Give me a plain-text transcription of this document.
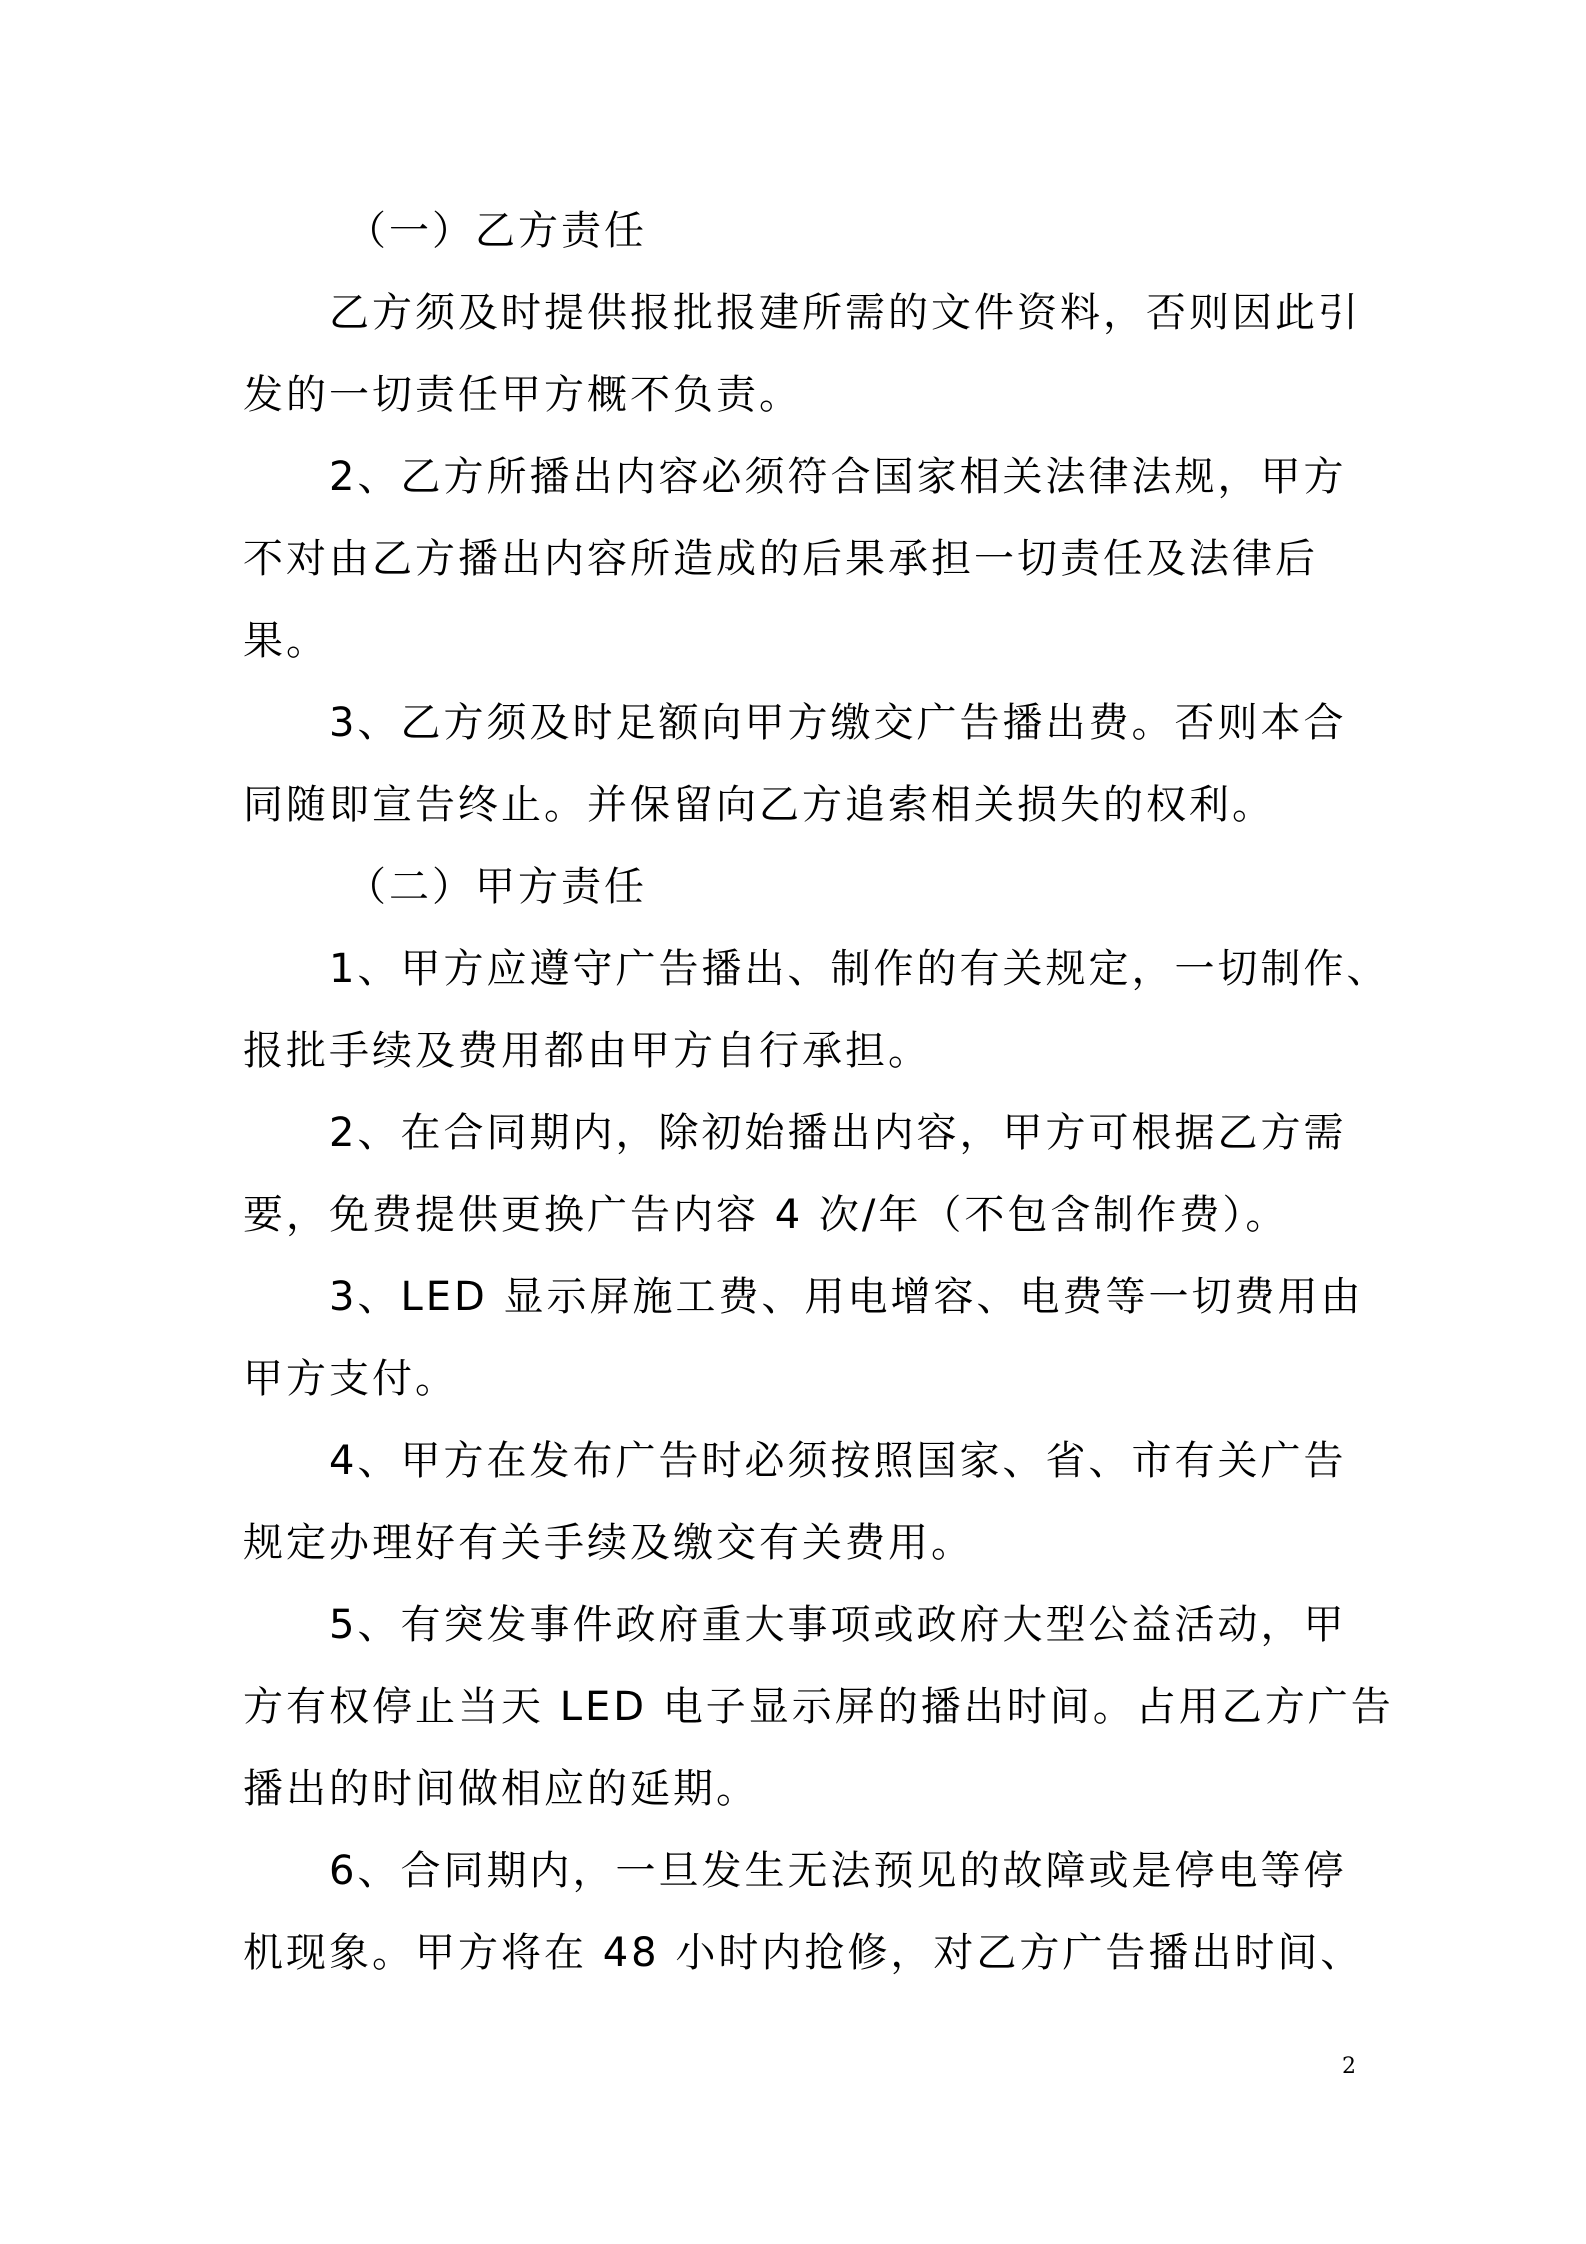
（一）乙方责任
乙方须及时提供报批报建所需的文件资料，否则因此引
发的一切责任甲方概不负责。
2、乙方所播出内容必须符合国家相关法律法规，甲方
不对由乙方播出内容所造成的后果承担一切责任及法律后
果。
3、乙方须及时足额向甲方缴交广告播出费。否则本合
同随即宣告终止。并保留向乙方追索相关损失的权利。
（二）甲方责任
1、甲方应遵守广告播出、制作的有关规定，一切制作、
报批手续及费用都由甲方自行承担。
2、在合同期内，除初始播出内容，甲方可根据乙方需
要，免费提供更换广告内容 4 次/年（不包含制作费）。
3、LED 显示屏施工费、用电增容、电费等一切费用由
甲方支付。
4、甲方在发布广告时必须按照国家、省、市有关广告
规定办理好有关手续及缴交有关费用。
5、有突发事件政府重大事项或政府大型公益活动，甲
方有权停止当天 LED 电子显示屏的播出时间。占用乙方广告
播出的时间做相应的延期。
6、合同期内，一旦发生无法预见的故障或是停电等停
机现象。甲方将在 48 小时内抢修，对乙方广告播出时间、
2
